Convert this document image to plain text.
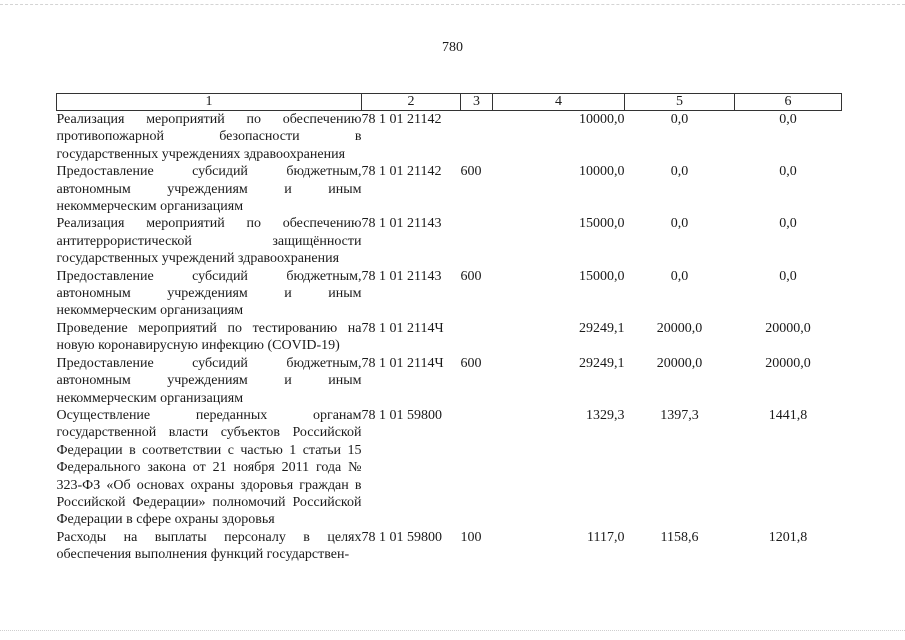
780
1	2	3	4	5	6
Реализация мероприятий по обеспечению противопожарной безопасности в государственных учреждениях здравоохранения	78 1 01 21142		10000,0	0,0	0,0
Предоставление субсидий бюджетным, автономным учреждениям и иным некоммерческим организациям	78 1 01 21142	600	10000,0	0,0	0,0
Реализация мероприятий по обеспечению антитеррористической защищённости государственных учреждений здравоохранения	78 1 01 21143		15000,0	0,0	0,0
Предоставление субсидий бюджетным, автономным учреждениям и иным некоммерческим организациям	78 1 01 21143	600	15000,0	0,0	0,0
Проведение мероприятий по тестированию на новую коронавирусную инфекцию (COVID-19)	78 1 01 2114Ч		29249,1	20000,0	20000,0
Предоставление субсидий бюджетным, автономным учреждениям и иным некоммерческим организациям	78 1 01 2114Ч	600	29249,1	20000,0	20000,0
Осуществление переданных органам государственной власти субъектов Российской Федерации в соответствии с частью 1 статьи 15 Федерального закона от 21 ноября 2011 года № 323-ФЗ «Об основах охраны здоровья граждан в Российской Федерации» полномочий Российской Федерации в сфере охраны здоровья	78 1 01 59800		1329,3	1397,3	1441,8
Расходы на выплаты персоналу в целях обеспечения выполнения функций государствен-	78 1 01 59800	100	1117,0	1158,6	1201,8
